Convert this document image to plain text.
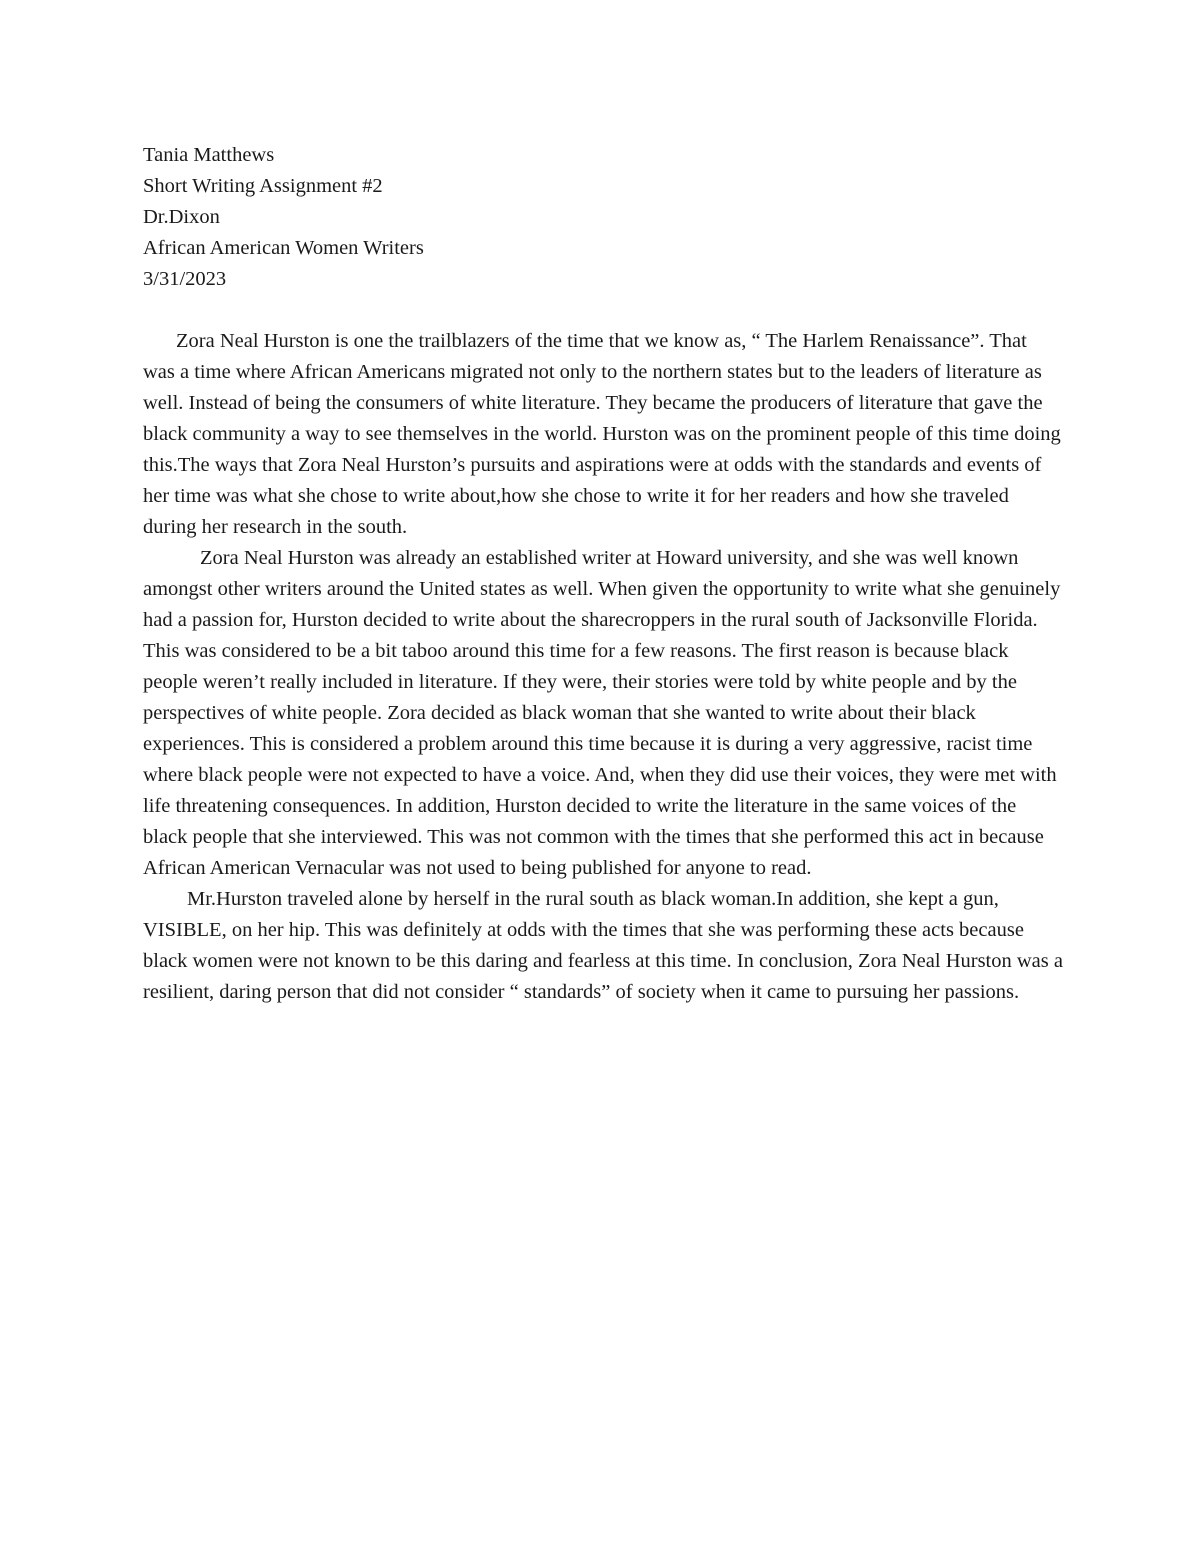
Tania Matthews

Short Writing Assignment #2

Dr.Dixon

African American Women Writers

3/31/2023

Zora Neal Hurston is one the trailblazers of the time that we know as, “ The Harlem Renaissance”. That was a time where African Americans migrated not only to the northern states but to the leaders of literature as well. Instead of being the consumers of white literature. They became the producers of literature that gave the black community a way to see themselves in the world. Hurston was on the prominent people of this time doing this.The ways that Zora Neal Hurston’s pursuits and aspirations were at odds with the standards and events of her time was what she chose to write about,how she chose to write it for her readers and how she traveled during her research in the south.

Zora Neal Hurston was already an established writer at Howard university, and she was well known amongst other writers around the United states as well. When given the opportunity to write what she genuinely had a passion for, Hurston decided to write about the sharecroppers in the rural south of Jacksonville Florida. This was considered to be a bit taboo around this time for a few reasons. The first reason is because black people weren’t really included in literature. If they were, their stories were told by white people and by the perspectives of white people. Zora decided as black woman that she wanted to write about their black experiences. This is considered a problem around this time because it is during a very aggressive, racist time where black people were not expected to have a voice. And, when they did use their voices, they were met with life threatening consequences. In addition, Hurston decided to write the literature in the same voices of the black people that she interviewed. This was not common with the times that she performed this act in because African American Vernacular was not used to being published for anyone to read.

Mr.Hurston traveled alone by herself in the rural south as black woman.In addition, she kept a gun, VISIBLE, on her hip. This was definitely at odds with the times that she was performing these acts because black women were not known to be this daring and fearless at this time. In conclusion, Zora Neal Hurston was a resilient, daring person that did not consider “ standards” of society when it came to pursuing her passions.
